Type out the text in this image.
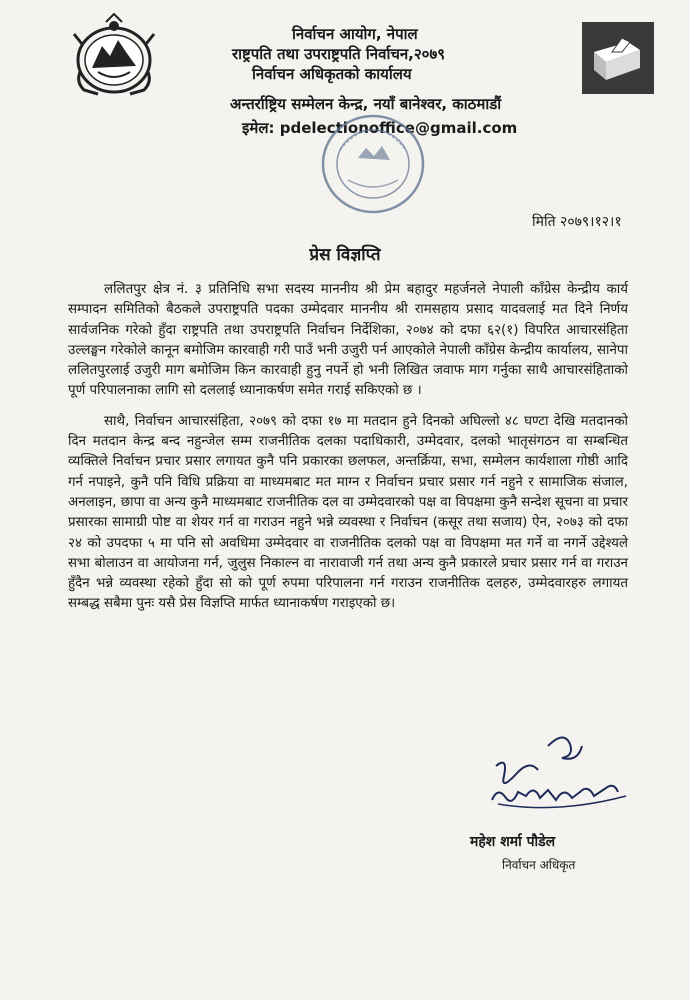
निर्वाचन आयोग, नेपाल
राष्ट्रपति तथा उपराष्ट्रपति निर्वाचन,२०७९
निर्वाचन अधिकृतको कार्यालय
अन्तर्राष्ट्रिय सम्मेलन केन्द्र, नयाँ बानेश्वर, काठमाडौं
इमेल: pdelectionoffice@gmail.com
मिति २०७९।१२।१
प्रेस विज्ञप्ति

ललितपुर क्षेत्र नं. ३ प्रतिनिधि सभा सदस्य माननीय श्री प्रेम बहादुर महर्जनले नेपाली काँग्रेस केन्द्रीय कार्य सम्पादन समितिको बैठकले उपराष्ट्रपति पदका उम्मेदवार माननीय श्री रामसहाय प्रसाद यादवलाई मत दिने निर्णय सार्वजनिक गरेको हुँदा राष्ट्रपति तथा उपराष्ट्रपति निर्वाचन निर्देशिका, २०७४ को दफा ६२(१) विपरित आचारसंहिता उल्लङ्घन गरेकोले कानून बमोजिम कारवाही गरी पाउँ भनी उजुरी पर्न आएकोले नेपाली काँग्रेस केन्द्रीय कार्यालय, सानेपा ललितपुरलाई उजुरी माग बमोजिम किन कारवाही हुनु नपर्ने हो भनी लिखित जवाफ माग गर्नुका साथै आचारसंहिताको पूर्ण परिपालनाका लागि सो दललाई ध्यानाकर्षण समेत गराई सकिएको छ ।

साथै, निर्वाचन आचारसंहिता, २०७९ को दफा १७ मा मतदान हुने दिनको अघिल्लो ४८ घण्टा देखि मतदानको दिन मतदान केन्द्र बन्द नहुन्जेल सम्म राजनीतिक दलका पदाधिकारी, उम्मेदवार, दलको भातृसंगठन वा सम्बन्धित व्यक्तिले निर्वाचन प्रचार प्रसार लगायत कुनै पनि प्रकारका छलफल, अन्तर्क्रिया, सभा, सम्मेलन कार्यशाला गोष्ठी आदि गर्न नपाइने, कुनै पनि विधि प्रक्रिया वा माध्यमबाट मत माग्न र निर्वाचन प्रचार प्रसार गर्न नहुने र सामाजिक संजाल, अनलाइन, छापा वा अन्य कुनै माध्यमबाट राजनीतिक दल वा उम्मेदवारको पक्ष वा विपक्षमा कुनै सन्देश सूचना वा प्रचार प्रसारका सामाग्री पोष्ट वा शेयर गर्न वा गराउन नहुने भन्ने व्यवस्था र निर्वाचन (कसूर तथा सजाय) ऐन, २०७३ को दफा २४ को उपदफा ५ मा पनि सो अवधिमा उम्मेदवार वा राजनीतिक दलको पक्ष वा विपक्षमा मत गर्ने वा नगर्ने उद्देश्यले सभा बोलाउन वा आयोजना गर्न, जुलुस निकाल्न वा नारावाजी गर्न तथा अन्य कुनै प्रकारले प्रचार प्रसार गर्न वा गराउन हुँदैन भन्ने व्यवस्था रहेको हुँदा सो को पूर्ण रुपमा परिपालना गर्न गराउन राजनीतिक दलहरु, उम्मेदवारहरु लगायत सम्बद्ध सबैमा पुनः यसै प्रेस विज्ञप्ति मार्फत ध्यानाकर्षण गराइएको छ।

महेश शर्मा पौडेल
निर्वाचन अधिकृत
